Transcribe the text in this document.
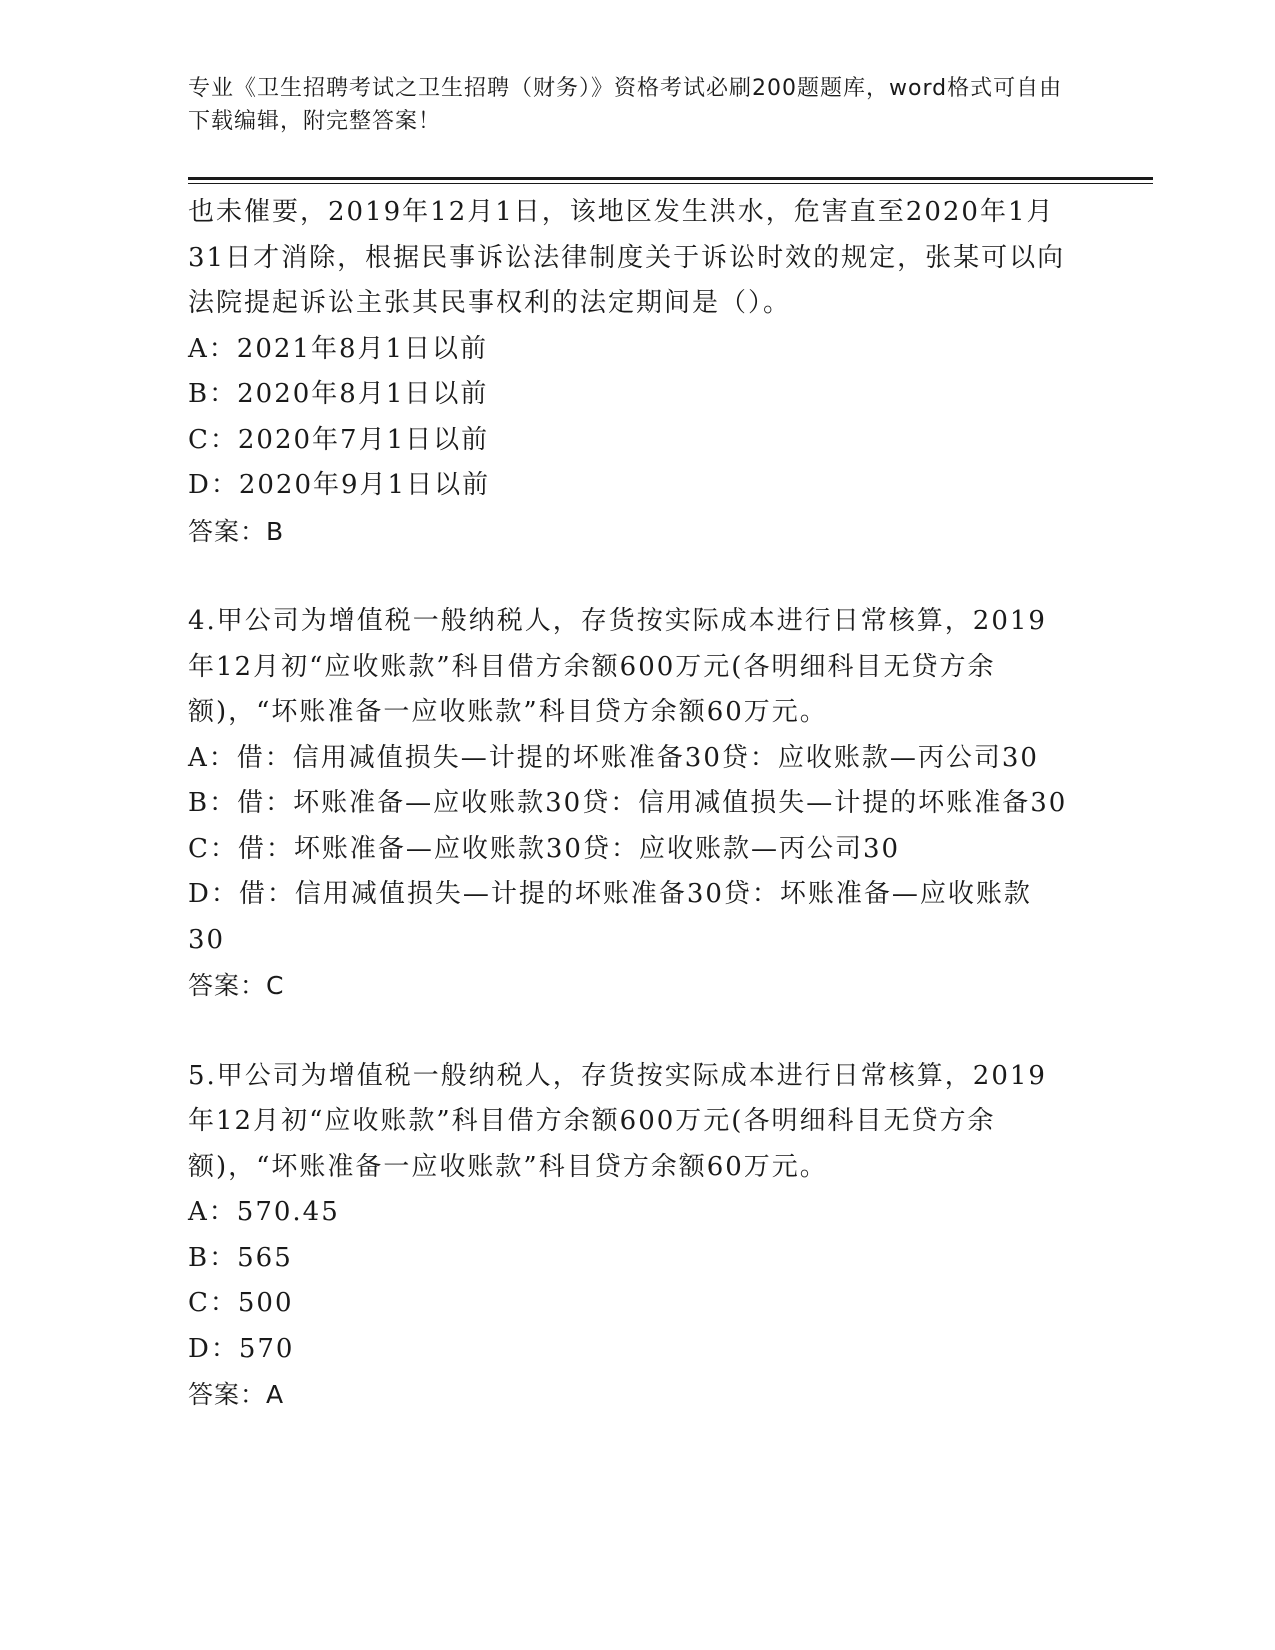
专业《卫生招聘考试之卫生招聘（财务）》资格考试必刷200题题库，word格式可自由下载编辑，附完整答案！

也未催要，2019年12月1日，该地区发生洪水，危害直至2020年1月31日才消除，根据民事诉讼法律制度关于诉讼时效的规定，张某可以向法院提起诉讼主张其民事权利的法定期间是（）。

A：2021年8月1日以前

B：2020年8月1日以前

C：2020年7月1日以前

D：2020年9月1日以前

答案：B

4.甲公司为增值税一般纳税人，存货按实际成本进行日常核算，2019年12月初“应收账款”科目借方余额600万元(各明细科目无贷方余额)，“坏账准备一应收账款”科目贷方余额60万元。

A：借：信用减值损失—计提的坏账准备30贷：应收账款—丙公司30

B：借：坏账准备—应收账款30贷：信用减值损失—计提的坏账准备30

C：借：坏账准备—应收账款30贷：应收账款—丙公司30

D：借：信用减值损失—计提的坏账准备30贷：坏账准备—应收账款30

答案：C

5.甲公司为增值税一般纳税人，存货按实际成本进行日常核算，2019年12月初“应收账款”科目借方余额600万元(各明细科目无贷方余额)，“坏账准备一应收账款”科目贷方余额60万元。

A：570.45

B：565

C：500

D：570

答案：A
